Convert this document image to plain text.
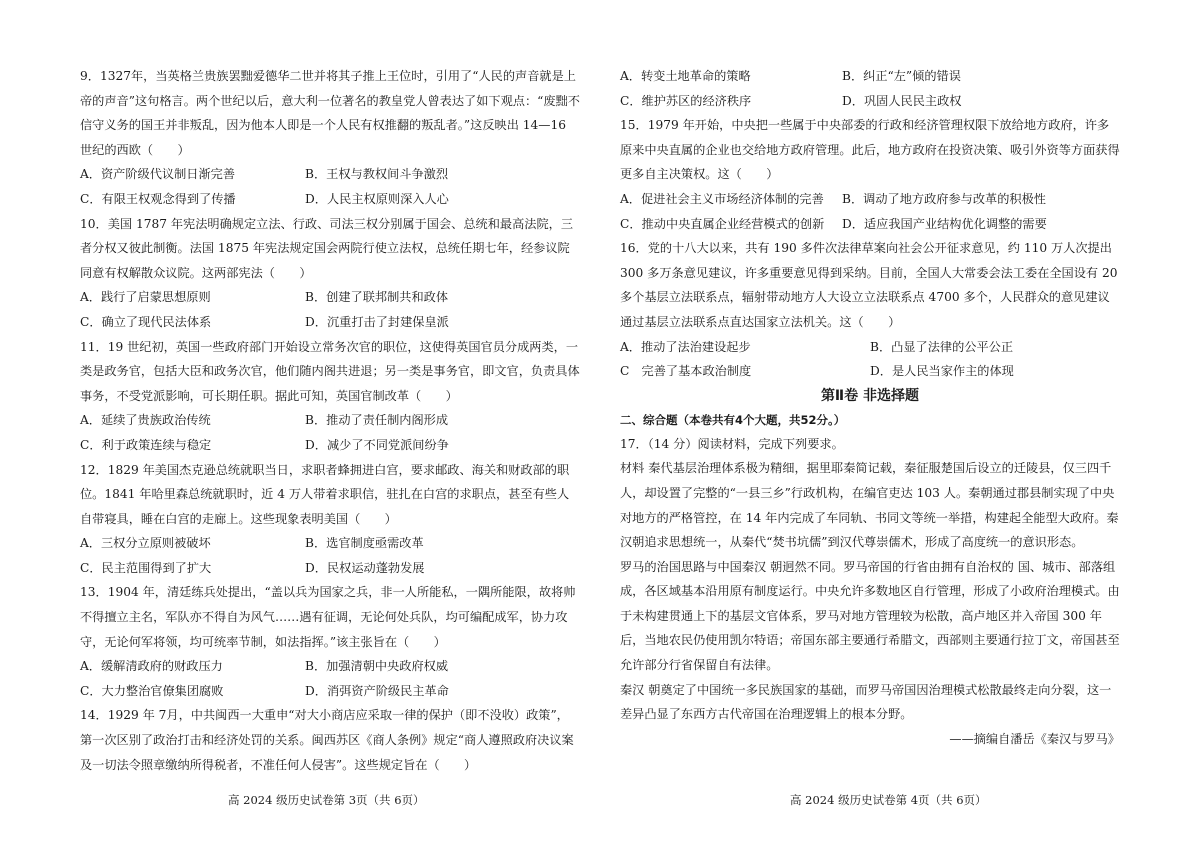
9．1327年，当英格兰贵族罢黜爱德华二世并将其子推上王位时，引用了“人民的声音就是上帝的声音”这句格言。两个世纪以后，意大利一位著名的教皇党人曾表达了如下观点：“废黜不信守义务的国王并非叛乱，因为他本人即是一个人民有权推翻的叛乱者。”这反映出 14—16 世纪的西欧（　　）
A．资产阶级代议制日渐完善	B．王权与教权间斗争激烈
C．有限王权观念得到了传播	D．人民主权原则深入人心
10．美国 1787 年宪法明确规定立法、行政、司法三权分别属于国会、总统和最高法院，三者分权又彼此制衡。法国 1875 年宪法规定国会两院行使立法权，总统任期七年，经参议院同意有权解散众议院。这两部宪法（　　）
A．践行了启蒙思想原则	B．创建了联邦制共和政体
C．确立了现代民法体系	D．沉重打击了封建保皇派
11．19 世纪初，英国一些政府部门开始设立常务次官的职位，这使得英国官员分成两类，一类是政务官，包括大臣和政务次官，他们随内阁共进退；另一类是事务官，即文官，负责具体事务，不受党派影响，可长期任职。据此可知，英国官制改革（　　）
A．延续了贵族政治传统	B．推动了责任制内阁形成
C．利于政策连续与稳定	D．减少了不同党派间纷争
12．1829 年美国杰克逊总统就职当日，求职者蜂拥进白宫，要求邮政、海关和财政部的职位。1841 年哈里森总统就职时，近 4 万人带着求职信，驻扎在白宫的求职点，甚至有些人自带寝具，睡在白宫的走廊上。这些现象表明美国（　　）
A．三权分立原则被破坏	B．选官制度亟需改革
C．民主范围得到了扩大	D．民权运动蓬勃发展
13．1904 年，清廷练兵处提出，“盖以兵为国家之兵，非一人所能私，一隅所能限，故将帅不得擅立主名，军队亦不得自为风气……遇有征调，无论何处兵队，均可编配成军，协力攻守，无论何军将领，均可统率节制，如法指挥。”该主张旨在（　　）
A．缓解清政府的财政压力	B．加强清朝中央政府权威
C．大力整治官僚集团腐败	D．消弭资产阶级民主革命
14．1929 年 7月，中共闽西一大重申“对大小商店应采取一律的保护（即不没收）政策”，第一次区别了政治打击和经济处罚的关系。闽西苏区《商人条例》规定“商人遵照政府决议案及一切法令照章缴纳所得税者，不准任何人侵害”。这些规定旨在（　　）
A．转变土地革命的策略	B．纠正“左”倾的错误
C．维护苏区的经济秩序	D．巩固人民民主政权
15．1979 年开始，中央把一些属于中央部委的行政和经济管理权限下放给地方政府，许多原来中央直属的企业也交给地方政府管理。此后，地方政府在投资决策、吸引外资等方面获得更多自主决策权。这（　　）
A．促进社会主义市场经济体制的完善	B．调动了地方政府参与改革的积极性
C．推动中央直属企业经营模式的创新	D．适应我国产业结构优化调整的需要
16．党的十八大以来，共有 190 多件次法律草案向社会公开征求意见，约 110 万人次提出 300 多万条意见建议，许多重要意见得到采纳。目前，全国人大常委会法工委在全国设有 20 多个基层立法联系点，辐射带动地方人大设立立法联系点 4700 多个，人民群众的意见建议通过基层立法联系点直达国家立法机关。这（　　）
A．推动了法治建设起步	B．凸显了法律的公平公正
C　完善了基本政治制度	D．是人民当家作主的体现
第Ⅱ卷 非选择题
二、综合题（本卷共有4个大题，共52分。）
17．（14 分）阅读材料，完成下列要求。

材料 秦代基层治理体系极为精细，据里耶秦简记载，秦征服楚国后设立的迁陵县，仅三四千人，却设置了完整的“一县三乡”行政机构，在编官吏达 103 人。秦朝通过郡县制实现了中央对地方的严格管控，在 14 年内完成了车同轨、书同文等统一举措，构建起全能型大政府。秦汉朝追求思想统一，从秦代“焚书坑儒”到汉代尊崇儒术，形成了高度统一的意识形态。

罗马的治国思路与中国秦汉 朝迥然不同。罗马帝国的行省由拥有自治权的 国、城市、部落组成，各区域基本沿用原有制度运行。中央允许多数地区自行管理，形成了小政府治理模式。由于未构建贯通上下的基层文官体系，罗马对地方管理较为松散，高卢地区并入帝国 300 年后，当地农民仍使用凯尔特语；帝国东部主要通行希腊文，西部则主要通行拉丁文，帝国甚至允许部分行省保留自有法律。

秦汉 朝奠定了中国统一多民族国家的基础，而罗马帝国因治理模式松散最终走向分裂，这一差异凸显了东西方古代帝国在治理逻辑上的根本分野。

——摘编自潘岳《秦汉与罗马》

高 2024 级历史试卷第 3页（共 6页）	高 2024 级历史试卷第 4页（共 6页）
